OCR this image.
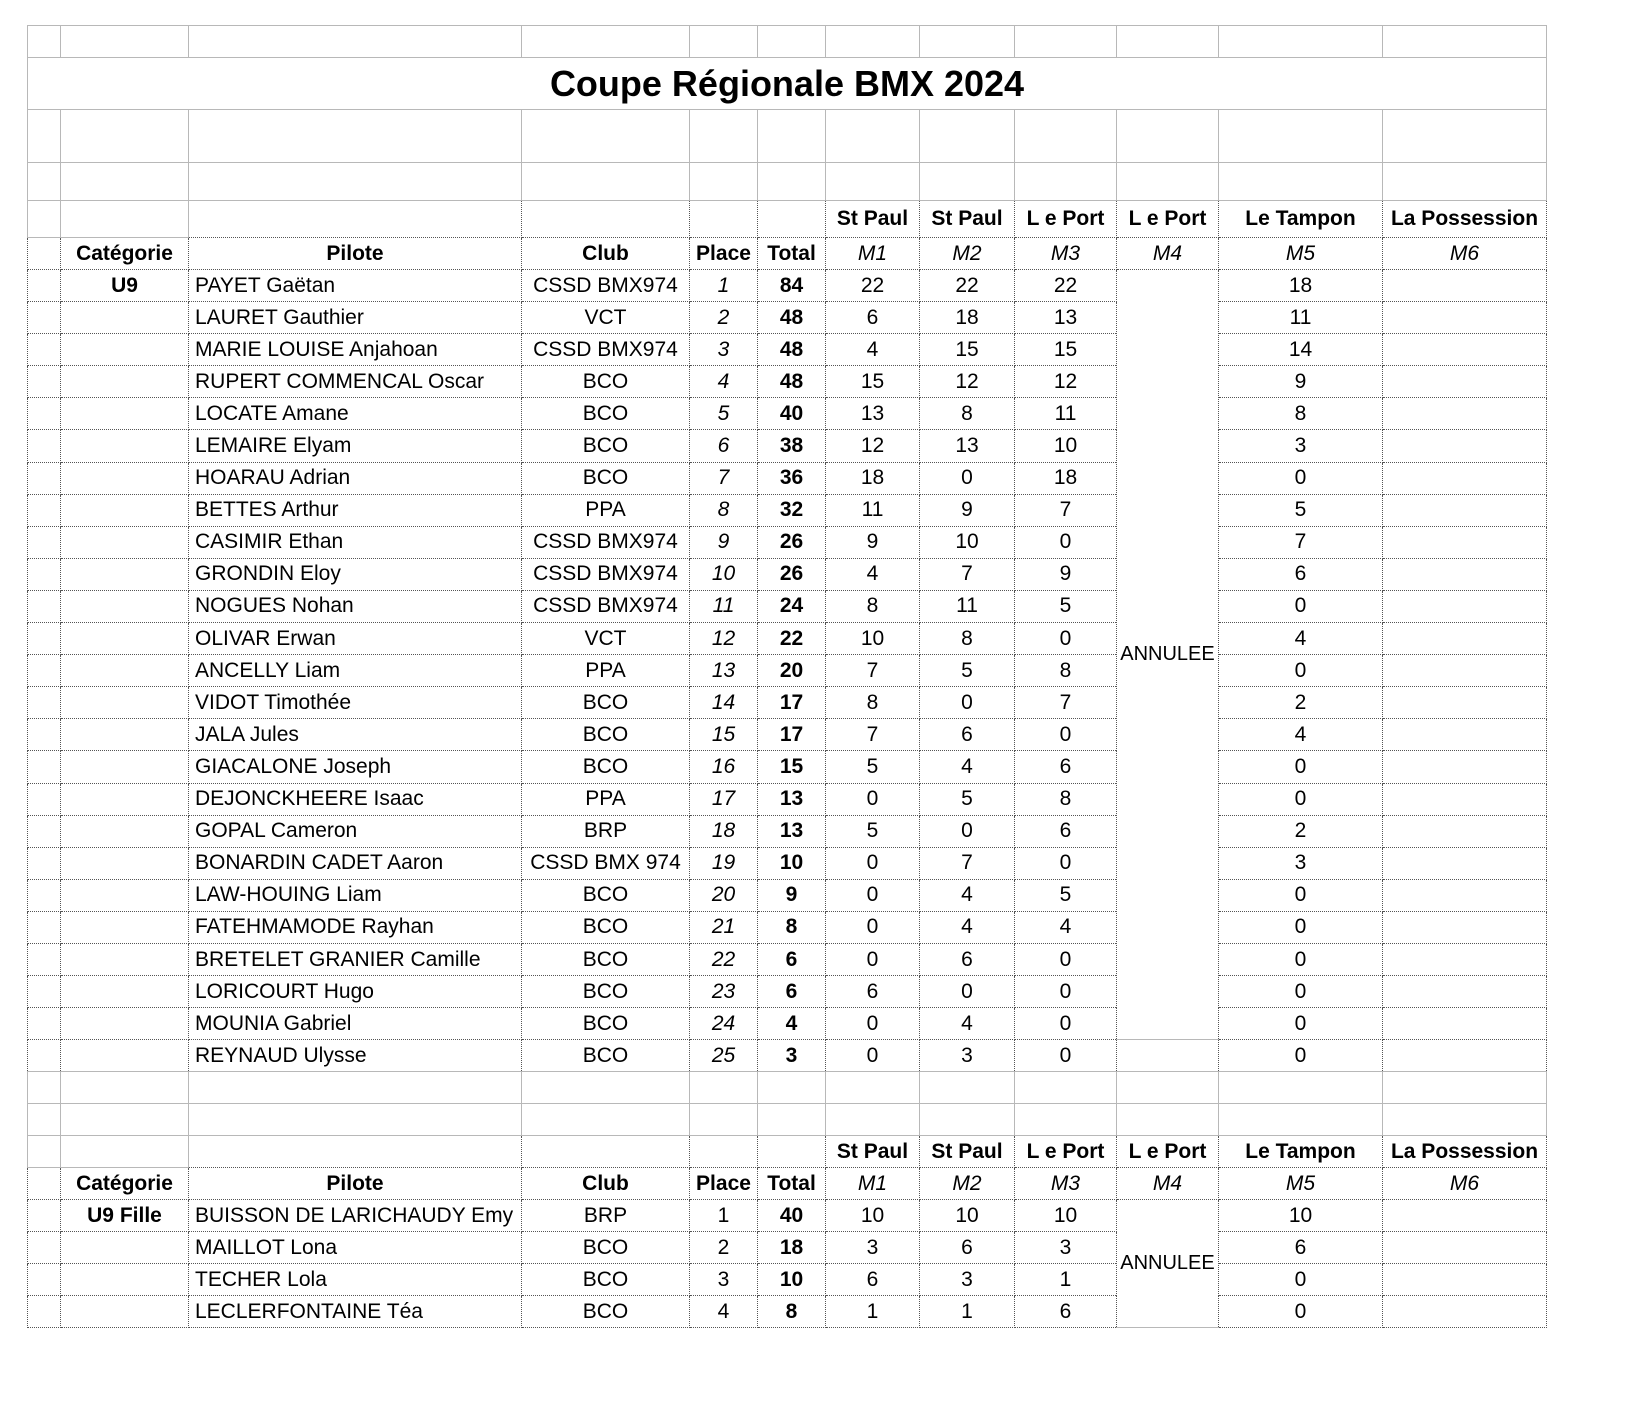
Coupe Régionale BMX 2024											

						St Paul	St Paul	L e Port	L e Port	Le Tampon	La Possession
	Catégorie	Pilote	Club	Place	Total	M1	M2	M3	M4	M5	M6
	U9	PAYET Gaëtan	CSSD BMX974	1	84	22	22	22	ANNULEE	18	
		LAURET Gauthier	VCT	2	48	6	18	13		11	
		MARIE LOUISE Anjahoan	CSSD BMX974	3	48	4	15	15		14	
		RUPERT COMMENCAL Oscar	BCO	4	48	15	12	12		9	
		LOCATE Amane	BCO	5	40	13	8	11		8	
		LEMAIRE Elyam	BCO	6	38	12	13	10		3	
		HOARAU Adrian	BCO	7	36	18	0	18		0	
		BETTES Arthur	PPA	8	32	11	9	7		5	
		CASIMIR Ethan	CSSD BMX974	9	26	9	10	0		7	
		GRONDIN Eloy	CSSD BMX974	10	26	4	7	9		6	
		NOGUES Nohan	CSSD BMX974	11	24	8	11	5		0	
		OLIVAR Erwan	VCT	12	22	10	8	0		4	
		ANCELLY Liam	PPA	13	20	7	5	8		0	
		VIDOT Timothée	BCO	14	17	8	0	7		2	
		JALA Jules	BCO	15	17	7	6	0		4	
		GIACALONE Joseph	BCO	16	15	5	4	6		0	
		DEJONCKHEERE Isaac	PPA	17	13	0	5	8		0	
		GOPAL Cameron	BRP	18	13	5	0	6		2	
		BONARDIN CADET Aaron	CSSD BMX 974	19	10	0	7	0		3	
		LAW-HOUING Liam	BCO	20	9	0	4	5		0	
		FATEHMAMODE Rayhan	BCO	21	8	0	4	4		0	
		BRETELET GRANIER Camille	BCO	22	6	0	6	0		0	
		LORICOURT Hugo	BCO	23	6	6	0	0		0	
		MOUNIA Gabriel	BCO	24	4	0	4	0		0	
		REYNAUD Ulysse	BCO	25	3	0	3	0		0	

						St Paul	St Paul	L e Port	L e Port	Le Tampon	La Possession
	Catégorie	Pilote	Club	Place	Total	M1	M2	M3	M4	M5	M6
	U9 Fille	BUISSON DE LARICHAUDY Emy	BRP	1	40	10	10	10	ANNULEE	10	
		MAILLOT Lona	BCO	2	18	3	6	3		6	
		TECHER Lola	BCO	3	10	6	3	1		0	
		LECLERFONTAINE Téa	BCO	4	8	1	1	6		0	
